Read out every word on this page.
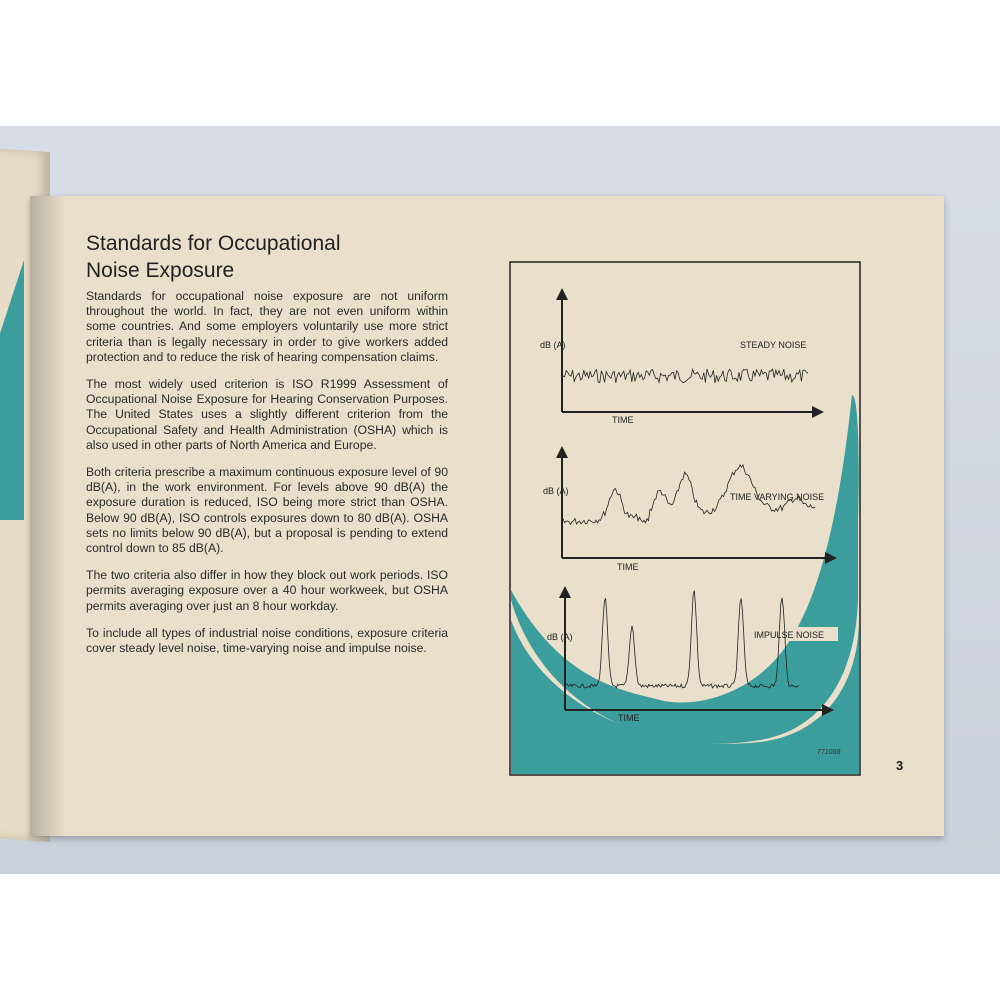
Standards for Occupational
Noise Exposure

Standards for occupational noise exposure are not uniform throughout the world. In fact, they are not even uniform within some countries. And some employers voluntarily use more strict criteria than is legally necessary in order to give workers added protection and to reduce the risk of hearing compensation claims.

The most widely used criterion is ISO R1999 Assessment of Occupational Noise Exposure for Hearing Conservation Purposes. The United States uses a slightly different criterion from the Occupational Safety and Health Administration (OSHA) which is also used in other parts of North America and Europe.

Both criteria prescribe a maximum continuous exposure level of 90 dB(A), in the work environment. For levels above 90 dB(A) the exposure duration is reduced, ISO being more strict than OSHA. Below 90 dB(A), ISO controls exposures down to 80 dB(A). OSHA sets no limits below 90 dB(A), but a proposal is pending to extend control down to 85 dB(A).

The two criteria also differ in how they block out work periods. ISO permits averaging exposure over a 40 hour workweek, but OSHA permits averaging over just an 8 hour workday.

To include all types of industrial noise conditions, exposure criteria cover steady level noise, time-varying noise and impulse noise.

dB (A)
TIME
STEADY NOISE
dB (A)
TIME
TIME VARYING NOISE
dB (A)
TIME
IMPULSE NOISE
771088
3
